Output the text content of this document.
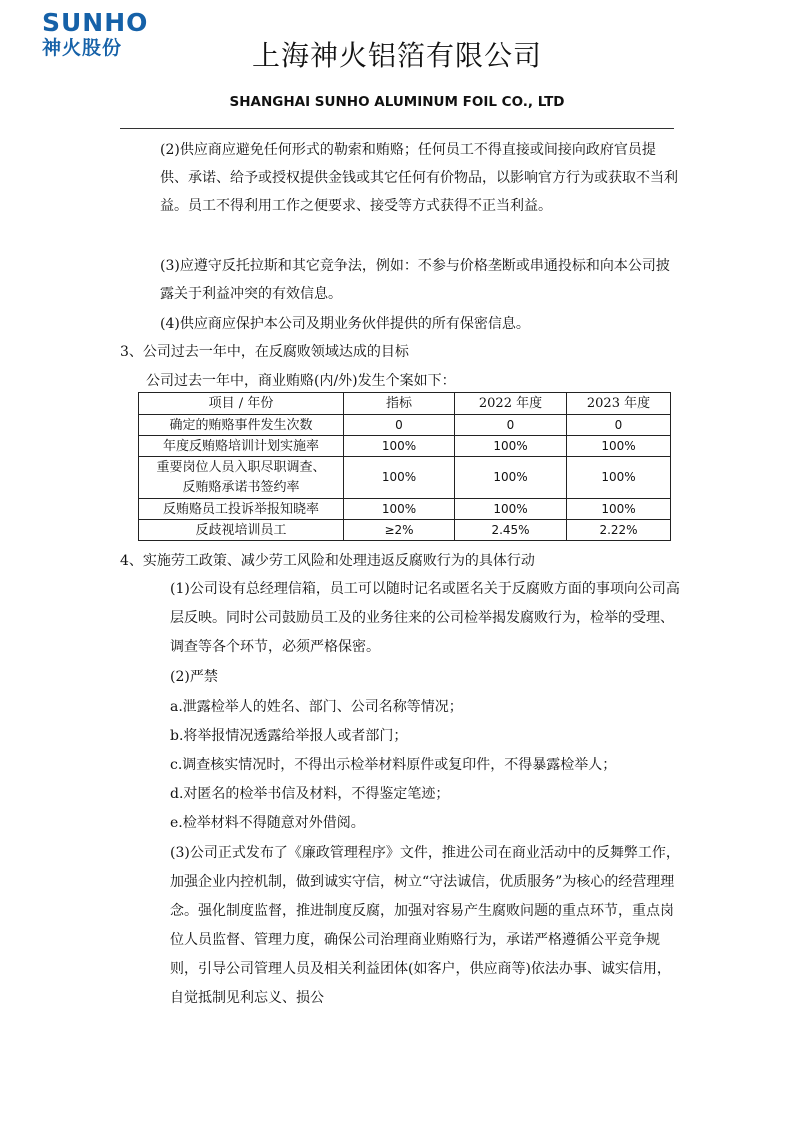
SUNHO
神火股份	上海神火铝箔有限公司
SHANGHAI SUNHO ALUMINUM FOIL CO., LTD

(2)供应商应避免任何形式的勒索和贿赂；任何员工不得直接或间接向政府官员提供、承诺、给予或授权提供金钱或其它任何有价物品，以影响官方行为或获取不当利益。员工不得利用工作之便要求、接受等方式获得不正当利益。

(3)应遵守反托拉斯和其它竞争法，例如：不参与价格垄断或串通投标和向本公司披露关于利益冲突的有效信息。

(4)供应商应保护本公司及期业务伙伴提供的所有保密信息。

3、公司过去一年中，在反腐败领域达成的目标

公司过去一年中，商业贿赂(内/外)发生个案如下：

项目 / 年份	指标	2022 年度	2023 年度
确定的贿赂事件发生次数	0	0	0
年度反贿赂培训计划实施率	100%	100%	100%
重要岗位人员入职尽职调查、反贿赂承诺书签约率	100%	100%	100%
反贿赂员工投诉举报知晓率	100%	100%	100%
反歧视培训员工	≥2%	2.45%	2.22%

4、实施劳工政策、减少劳工风险和处理违返反腐败行为的具体行动

(1)公司设有总经理信箱，员工可以随时记名或匿名关于反腐败方面的事项向公司高层反映。同时公司鼓励员工及的业务往来的公司检举揭发腐败行为，检举的受理、调查等各个环节，必须严格保密。

(2)严禁

a.泄露检举人的姓名、部门、公司名称等情况；

b.将举报情况透露给举报人或者部门；

c.调查核实情况时，不得出示检举材料原件或复印件，不得暴露检举人；

d.对匿名的检举书信及材料，不得鉴定笔迹；

e.检举材料不得随意对外借阅。

(3)公司正式发布了《廉政管理程序》文件，推进公司在商业活动中的反舞弊工作，加强企业内控机制，做到诚实守信，树立“守法诚信，优质服务”为核心的经营理理念。强化制度监督，推进制度反腐，加强对容易产生腐败问题的重点环节，重点岗位人员监督、管理力度，确保公司治理商业贿赂行为，承诺严格遵循公平竞争规则，引导公司管理人员及相关利益团体(如客户，供应商等)依法办事、诚实信用，自觉抵制见利忘义、损公
